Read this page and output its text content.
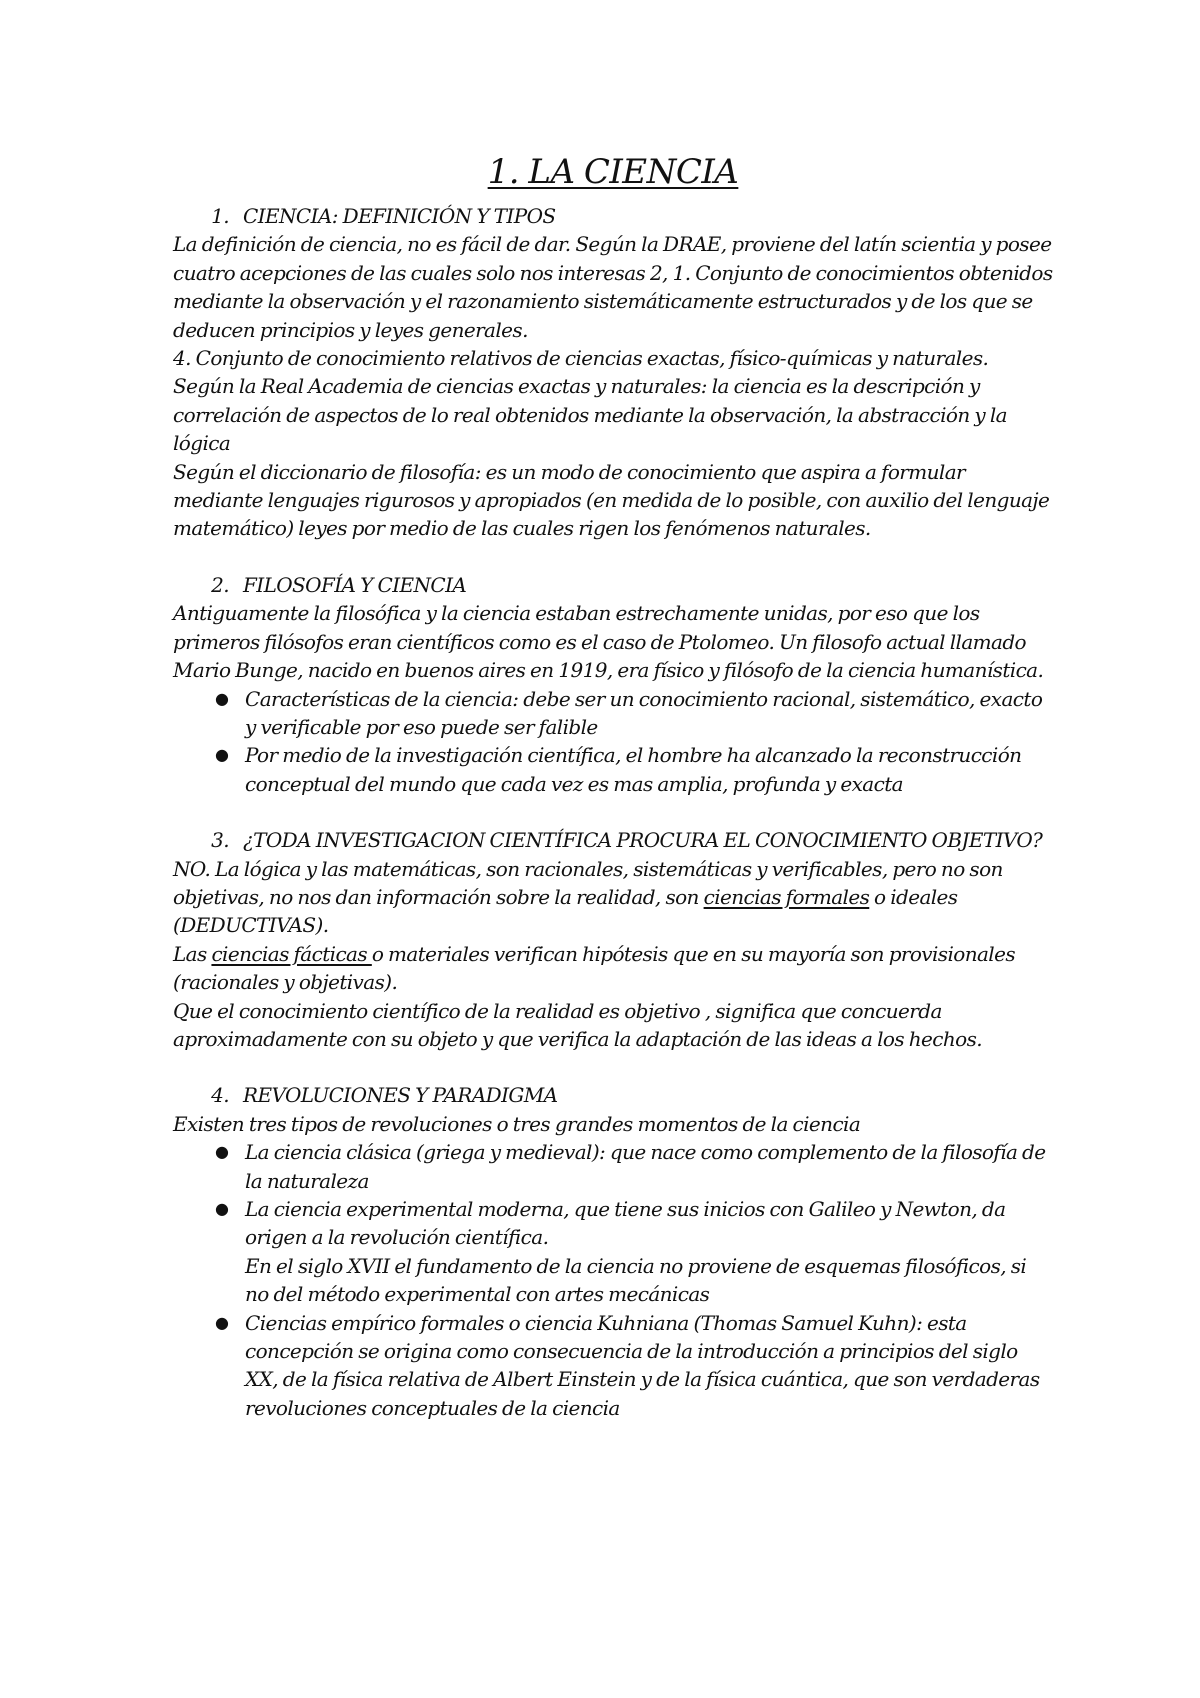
1. LA CIENCIA
1. CIENCIA: DEFINICIÓN Y TIPOS

La definición de ciencia, no es fácil de dar. Según la DRAE, proviene del latín scientia y posee cuatro acepciones de las cuales solo nos interesas 2, 1. Conjunto de conocimientos obtenidos mediante la observación y el razonamiento sistemáticamente estructurados y de los que se deducen principios y leyes generales.

4. Conjunto de conocimiento relativos de ciencias exactas, físico-químicas y naturales.

Según la Real Academia de ciencias exactas y naturales: la ciencia es la descripción y correlación de aspectos de lo real obtenidos mediante la observación, la abstracción y la lógica

Según el diccionario de filosofía: es un modo de conocimiento que aspira a formular mediante lenguajes rigurosos y apropiados (en medida de lo posible, con auxilio del lenguaje matemático) leyes por medio de las cuales rigen los fenómenos naturales.

2. FILOSOFÍA Y CIENCIA

Antiguamente la filosófica y la ciencia estaban estrechamente unidas, por eso que los primeros filósofos eran científicos como es el caso de Ptolomeo. Un filosofo actual llamado Mario Bunge, nacido en buenos aires en 1919, era físico y filósofo de la ciencia humanística.

● Características de la ciencia: debe ser un conocimiento racional, sistemático, exacto y verificable por eso puede ser falible
● Por medio de la investigación científica, el hombre ha alcanzado la reconstrucción conceptual del mundo que cada vez es mas amplia, profunda y exacta
3. ¿TODA INVESTIGACION CIENTÍFICA PROCURA EL CONOCIMIENTO OBJETIVO?

NO. La lógica y las matemáticas, son racionales, sistemáticas y verificables, pero no son objetivas, no nos dan información sobre la realidad, son ciencias formales o ideales (DEDUCTIVAS).

Las ciencias fácticas o materiales verifican hipótesis que en su mayoría son provisionales (racionales y objetivas).

Que el conocimiento científico de la realidad es objetivo , significa que concuerda aproximadamente con su objeto y que verifica la adaptación de las ideas a los hechos.

4. REVOLUCIONES Y PARADIGMA

Existen tres tipos de revoluciones o tres grandes momentos de la ciencia

● La ciencia clásica (griega y medieval): que nace como complemento de la filosofía de la naturaleza
● La ciencia experimental moderna, que tiene sus inicios con Galileo y Newton, da origen a la revolución científica.
En el siglo XVII el fundamento de la ciencia no proviene de esquemas filosóficos, si no del método experimental con artes mecánicas
● Ciencias empírico formales o ciencia Kuhniana (Thomas Samuel Kuhn): esta concepción se origina como consecuencia de la introducción a principios del siglo XX, de la física relativa de Albert Einstein y de la física cuántica, que son verdaderas revoluciones conceptuales de la ciencia
